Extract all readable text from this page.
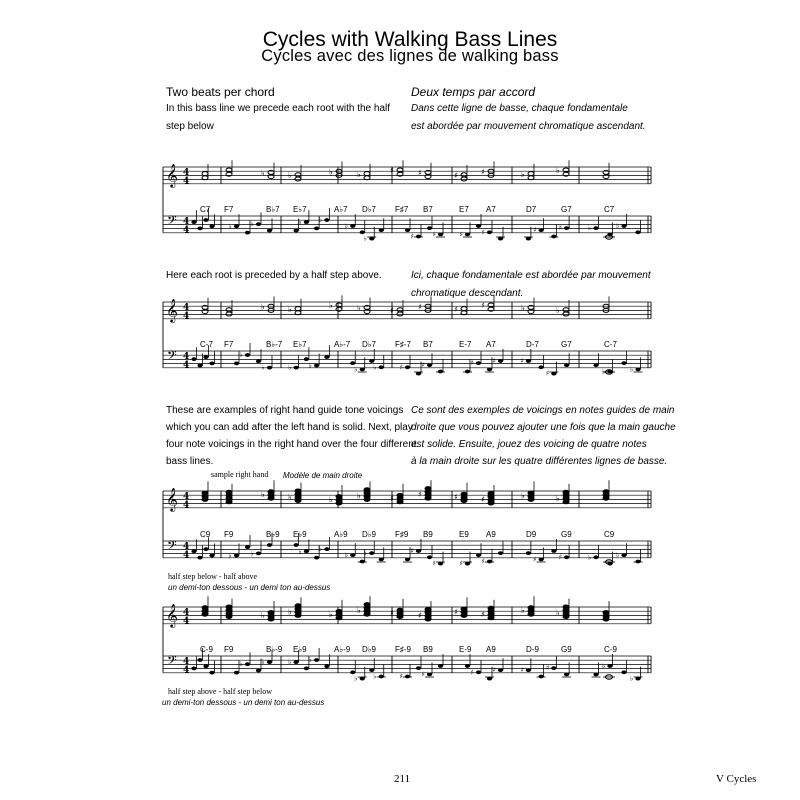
Cycles with Walking Bass Lines
Cycles avec des lignes de walking bass
Two beats per chord	Deux temps par accord
In this bass line we precede each root with the half
step below
Dans cette ligne de basse, chaque fondamentale
est abordée par mouvement chromatique ascendant.
Here each root is preceded by a half step above.	Ici, chaque fondamentale est abordée par mouvement
chromatique descendant.
These are examples of right hand guide tone voicings
which you can add after the left hand is solid. Next, play
four note voicings in the right hand over the four different
bass lines.
Ce sont des exemples de voicings en notes guides de main
droite que vous pouvez ajouter une fois que la main gauche
est solide. Ensuite, jouez des voicing de quatre notes
à la main droite sur les quatre différentes lignes de basse.
sample right hand Modèle de main droite
𝄞
𝄢
4
4
4
4
♭	♭	♭	♭	♯	♯	♯	♯	♭	♭
♭	♭	♭ ♭
♭
♭	♯	♯	♯	♯	♯	♯	♭	♭
𝄞
𝄢
4
4
4
4
♭	♭	♭	♭	♯	♯	♯	♯	♭	♭
♭
♭	♭ ♭	♭ ♭	♯	♯	♯	♯	♯
♯	♭	♭
𝄞
𝄢
4
4
4
4
♭	♭	♭	♭	♯	♯	♯	♯	♭	♭
♭	♭	♭ ♭
♭ ♭	♯
♯	♯	♯	♯	♯	♭	♭
𝄞
𝄢
4
4
4
4
♭	♭	♭	♭	♯	♯	♯	♯	♭	♭
♭	♭	♭ ♭
♭ ♭	♯	♯	♯	♯	♯	♯	♭
♭
C7 F7	B♭7 E♭7	A♭7 D♭7 F♯7 B7	E7 A7	D7	G7	C7
C-7 F7	B♭-7 E♭7	A♭-7 D♭7 F♯-7 B7	E-7 A7	D-7	G7	C-7
C9 F9	B♭9 E♭9	A♭9 D♭9 F♯9 B9	E9 A9	D9	G9	C9
C-9 F9	B♭-9 E♭9	A♭-9 D♭9 F♯-9 B9	E-9 A9	D-9	G9	C-9
half step below - half above
un demi-ton dessous - un demi ton au-dessus
half step above - half step below
un demi-ton dessous - un demi ton au-dessus
211	V Cycles
